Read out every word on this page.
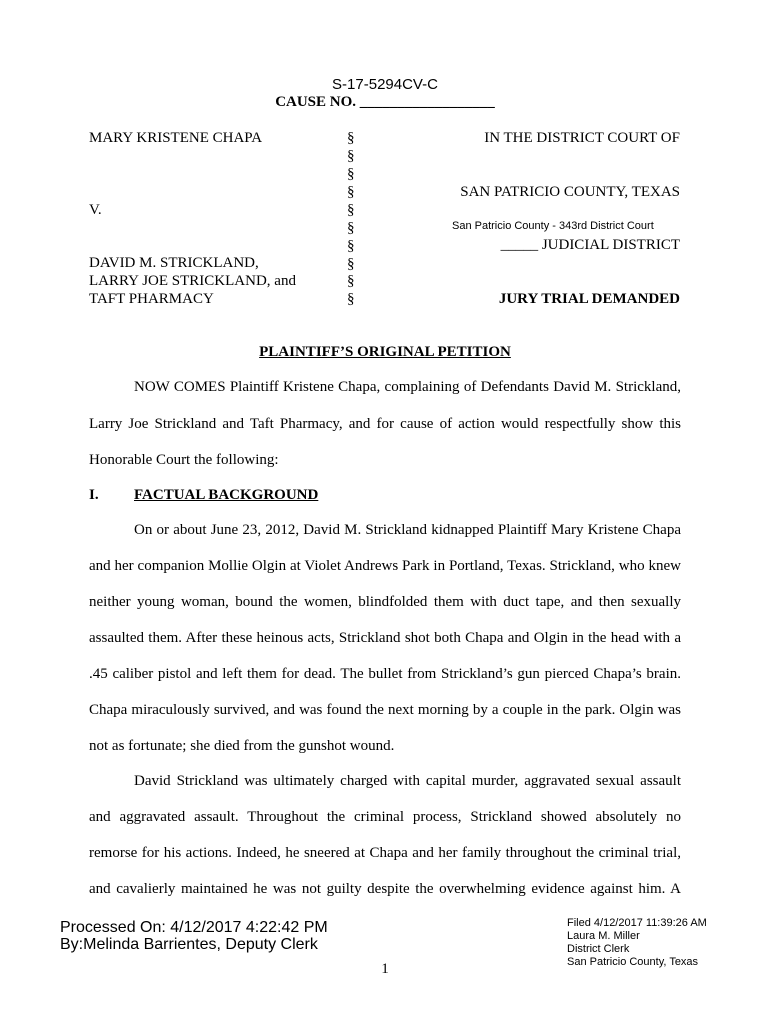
S-17-5294CV-C
CAUSE NO. __________________
MARY KRISTENE CHAPA
V.
DAVID M. STRICKLAND,
LARRY JOE STRICKLAND, and
TAFT PHARMACY
§
§
§
§
§
§
§
§
§
§
IN THE DISTRICT COURT OF
SAN PATRICIO COUNTY, TEXAS
San Patricio County - 343rd District Court
_____ JUDICIAL DISTRICT
JURY TRIAL DEMANDED
PLAINTIFF’S ORIGINAL PETITION
NOW COMES Plaintiff Kristene Chapa, complaining of Defendants David M. Strickland,
Larry Joe Strickland and Taft Pharmacy, and for cause of action would respectfully show this
Honorable Court the following:
I. FACTUAL BACKGROUND
On or about June 23, 2012, David M. Strickland kidnapped Plaintiff Mary Kristene Chapa
and her companion Mollie Olgin at Violet Andrews Park in Portland, Texas. Strickland, who knew
neither young woman, bound the women, blindfolded them with duct tape, and then sexually
assaulted them. After these heinous acts, Strickland shot both Chapa and Olgin in the head with a
.45 caliber pistol and left them for dead. The bullet from Strickland’s gun pierced Chapa’s brain.
Chapa miraculously survived, and was found the next morning by a couple in the park. Olgin was
not as fortunate; she died from the gunshot wound.
David Strickland was ultimately charged with capital murder, aggravated sexual assault
and aggravated assault. Throughout the criminal process, Strickland showed absolutely no
remorse for his actions. Indeed, he sneered at Chapa and her family throughout the criminal trial,
and cavalierly maintained he was not guilty despite the overwhelming evidence against him. A
Processed On: 4/12/2017 4:22:42 PM
By:Melinda Barrientes, Deputy Clerk
1
Filed 4/12/2017 11:39:26 AM
Laura M. Miller
District Clerk
San Patricio County, Texas
